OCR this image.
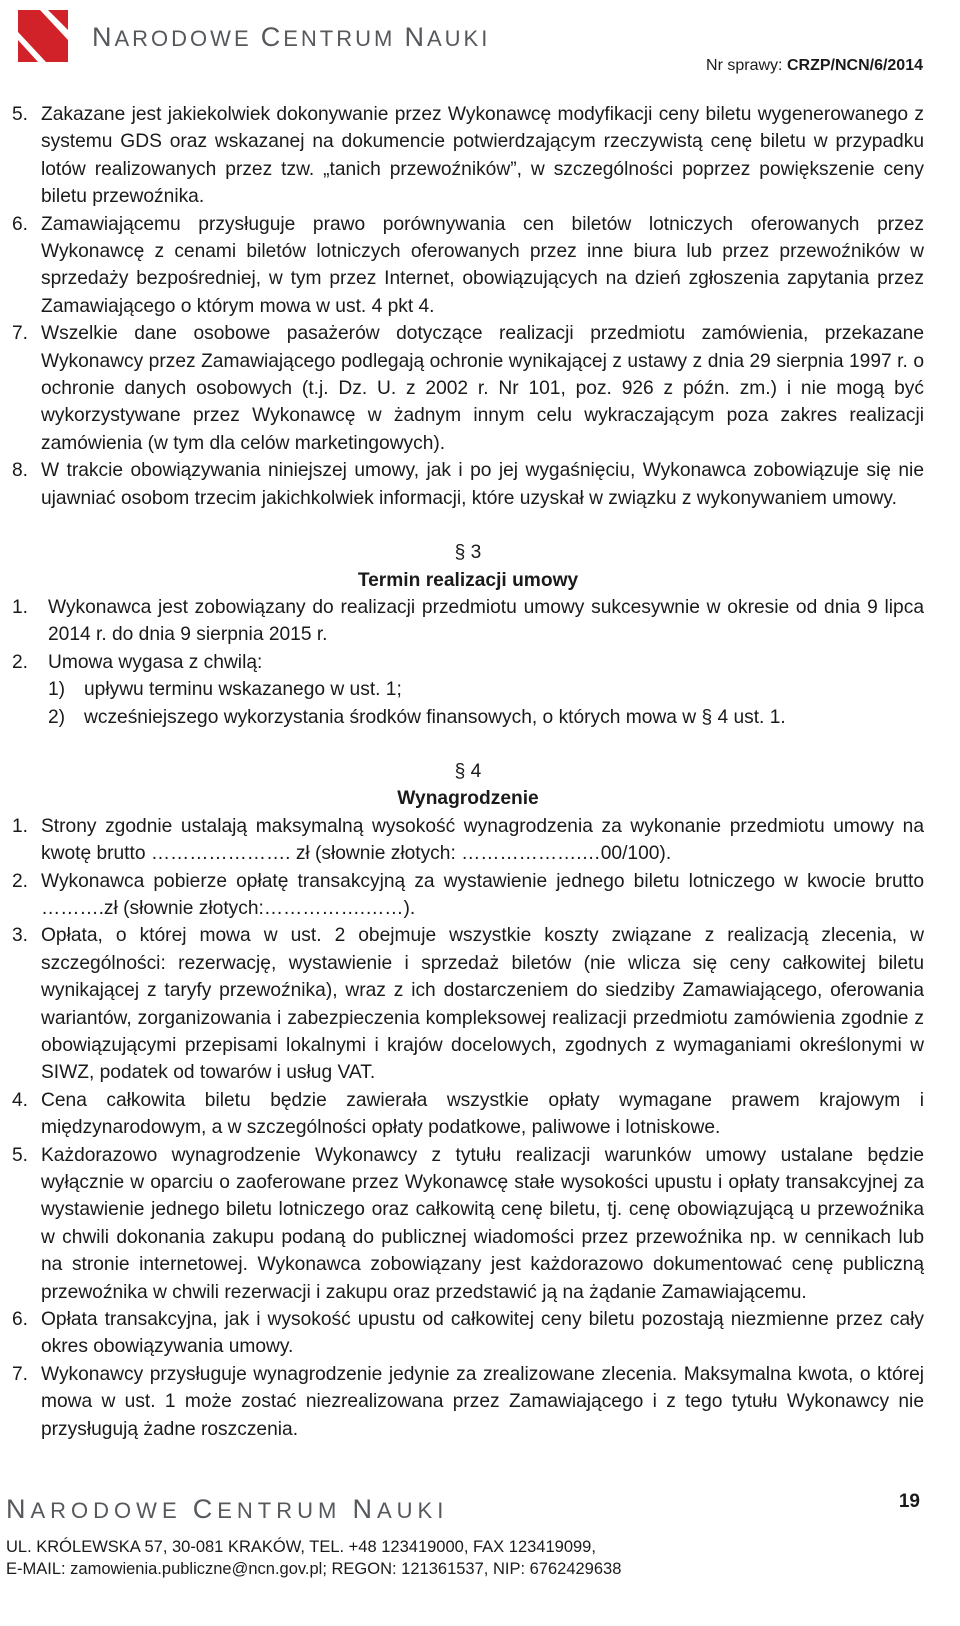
NARODOWE CENTRUM NAUKI
Nr sprawy: CRZP/NCN/6/2014
5. Zakazane jest jakiekolwiek dokonywanie przez Wykonawcę modyfikacji ceny biletu wygenerowanego z systemu GDS oraz wskazanej na dokumencie potwierdzającym rzeczywistą cenę biletu w przypadku lotów realizowanych przez tzw. „tanich przewoźników”, w szczególności poprzez powiększenie ceny biletu przewoźnika.
6. Zamawiającemu przysługuje prawo porównywania cen biletów lotniczych oferowanych przez Wykonawcę z cenami biletów lotniczych oferowanych przez inne biura lub przez przewoźników w sprzedaży bezpośredniej, w tym przez Internet, obowiązujących na dzień zgłoszenia zapytania przez Zamawiającego o którym mowa w ust. 4 pkt 4.
7. Wszelkie dane osobowe pasażerów dotyczące realizacji przedmiotu zamówienia, przekazane Wykonawcy przez Zamawiającego podlegają ochronie wynikającej z ustawy z dnia 29 sierpnia 1997 r. o ochronie danych osobowych (t.j. Dz. U. z 2002 r. Nr 101, poz. 926 z późn. zm.) i nie mogą być wykorzystywane przez Wykonawcę w żadnym innym celu wykraczającym poza zakres realizacji zamówienia (w tym dla celów marketingowych).
8. W trakcie obowiązywania niniejszej umowy, jak i po jej wygaśnięciu, Wykonawca zobowiązuje się nie ujawniać osobom trzecim jakichkolwiek informacji, które uzyskał w związku z wykonywaniem umowy.
§ 3
Termin realizacji umowy
1. Wykonawca jest zobowiązany do realizacji przedmiotu umowy sukcesywnie w okresie od dnia 9 lipca 2014 r. do dnia 9 sierpnia 2015 r.
2. Umowa wygasa z chwilą:
1) upływu terminu wskazanego w ust. 1;
2) wcześniejszego wykorzystania środków finansowych, o których mowa w § 4 ust. 1.
§ 4
Wynagrodzenie
1. Strony zgodnie ustalają maksymalną wysokość wynagrodzenia za wykonanie przedmiotu umowy na kwotę brutto …………………. zł (słownie złotych: ……………….…00/100).
2. Wykonawca pobierze opłatę transakcyjną za wystawienie jednego biletu lotniczego w kwocie brutto ……….zł (słownie złotych:…………….……).
3. Opłata, o której mowa w ust. 2 obejmuje wszystkie koszty związane z realizacją zlecenia, w szczególności: rezerwację, wystawienie i sprzedaż biletów (nie wlicza się ceny całkowitej biletu wynikającej z taryfy przewoźnika), wraz z ich dostarczeniem do siedziby Zamawiającego, oferowania wariantów, zorganizowania i zabezpieczenia kompleksowej realizacji przedmiotu zamówienia zgodnie z obowiązującymi przepisami lokalnymi i krajów docelowych, zgodnych z wymaganiami określonymi w SIWZ, podatek od towarów i usług VAT.
4. Cena całkowita biletu będzie zawierała wszystkie opłaty wymagane prawem krajowym i międzynarodowym, a w szczególności opłaty podatkowe, paliwowe i lotniskowe.
5. Każdorazowo wynagrodzenie Wykonawcy z tytułu realizacji warunków umowy ustalane będzie wyłącznie w oparciu o zaoferowane przez Wykonawcę stałe wysokości upustu i opłaty transakcyjnej za wystawienie jednego biletu lotniczego oraz całkowitą cenę biletu, tj. cenę obowiązującą u przewoźnika w chwili dokonania zakupu podaną do publicznej wiadomości przez przewoźnika np. w cennikach lub na stronie internetowej. Wykonawca zobowiązany jest każdorazowo dokumentować cenę publiczną przewoźnika w chwili rezerwacji i zakupu oraz przedstawić ją na żądanie Zamawiającemu.
6. Opłata transakcyjna, jak i wysokość upustu od całkowitej ceny biletu pozostają niezmienne przez cały okres obowiązywania umowy.
7. Wykonawcy przysługuje wynagrodzenie jedynie za zrealizowane zlecenia. Maksymalna kwota, o której mowa w ust. 1 może zostać niezrealizowana przez Zamawiającego i z tego tytułu Wykonawcy nie przysługują żadne roszczenia.
NARODOWE CENTRUM NAUKI	19
UL. KRÓLEWSKA 57, 30-081 KRAKÓW, TEL. +48 123419000, FAX 123419099,
E-MAIL: zamowienia.publiczne@ncn.gov.pl; REGON: 121361537, NIP: 6762429638
